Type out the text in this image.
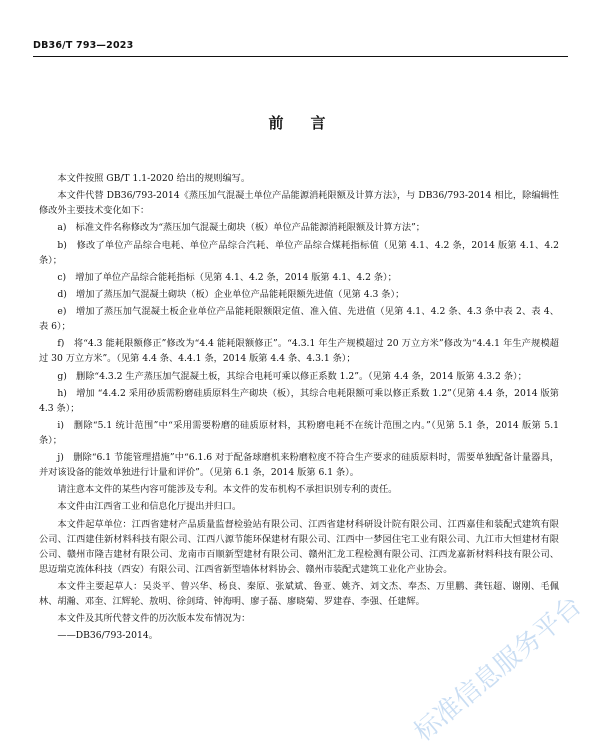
DB36/T 793—2023
前　言

本文件按照 GB/T 1.1-2020 给出的规则编写。

本文件代替 DB36/793-2014《蒸压加气混凝土单位产品能源消耗限额及计算方法》，与 DB36/793-2014 相比，除编辑性修改外主要技术变化如下：

a)　标准文件名称修改为“蒸压加气混凝土砌块（板）单位产品能源消耗限额及计算方法”；

b)　修改了单位产品综合电耗、单位产品综合汽耗、单位产品综合煤耗指标值（见第 4.1、4.2 条，2014 版第 4.1、4.2 条）；

c)　增加了单位产品综合能耗指标（见第 4.1、4.2 条，2014 版第 4.1、4.2 条）；

d)　增加了蒸压加气混凝土砌块（板）企业单位产品能耗限额先进值（见第 4.3 条）；

e)　增加了蒸压加气混凝土板企业单位产品能耗限额限定值、准入值、先进值（见第 4.1、4.2 条、4.3 条中表 2、表 4、表 6）；

f)　将“4.3 能耗限额修正”修改为“4.4 能耗限额修正”。“4.3.1 年生产规模超过 20 万立方米”修改为“4.4.1 年生产规模超过 30 万立方米”。（见第 4.4 条、4.4.1 条，2014 版第 4.4 条、4.3.1 条）；

g)　删除“4.3.2 生产蒸压加气混凝土板，其综合电耗可乘以修正系数 1.2”。（见第 4.4 条，2014 版第 4.3.2 条）；

h)　增加 “4.4.2 采用砂质需粉磨硅质原料生产砌块（板），其综合电耗限额可乘以修正系数 1.2”（见第 4.4 条，2014 版第 4.3 条）；

i)　删除“5.1 统计范围”中“采用需要粉磨的硅质原材料，其粉磨电耗不在统计范围之内。”（见第 5.1 条，2014 版第 5.1 条）；

j)　删除“6.1 节能管理措施”中“6.1.6 对于配备球磨机来粉磨粒度不符合生产要求的硅质原料时，需要单独配备计量器具，并对该设备的能效单独进行计量和评价”。（见第 6.1 条，2014 版第 6.1 条）。

请注意本文件的某些内容可能涉及专利。本文件的发布机构不承担识别专利的责任。

本文件由江西省工业和信息化厅提出并归口。

本文件起草单位：江西省建材产品质量监督检验站有限公司、江西省建材科研设计院有限公司、江西嘉佳和装配式建筑有限公司、江西建佳新材料科技有限公司、江西八源节能环保建材有限公司、江西中一梦园住宅工业有限公司、九江市大恒建材有限公司、赣州市隆吉建材有限公司、龙南市百顺新型建材有限公司、赣州汇龙工程检测有限公司、江西龙嘉新材料科技有限公司、思迈瑞克流体科技（西安）有限公司、江西省新型墙体材料协会、赣州市装配式建筑工业化产业协会。

本文件主要起草人：吴炎平、曾兴华、杨良、秦原、张斌斌、鲁亚、姚齐、刘文杰、奉杰、万里鹏、龚钰超、谢刚、毛佩林、胡瀚、邓奎、江辉轮、敖明、徐剑琦、钟海明、廖子磊、廖晓菊、罗建春、李强、任建辉。

本文件及其所代替文件的历次版本发布情况为：

——DB36/793-2014。	标准信息服务平台
